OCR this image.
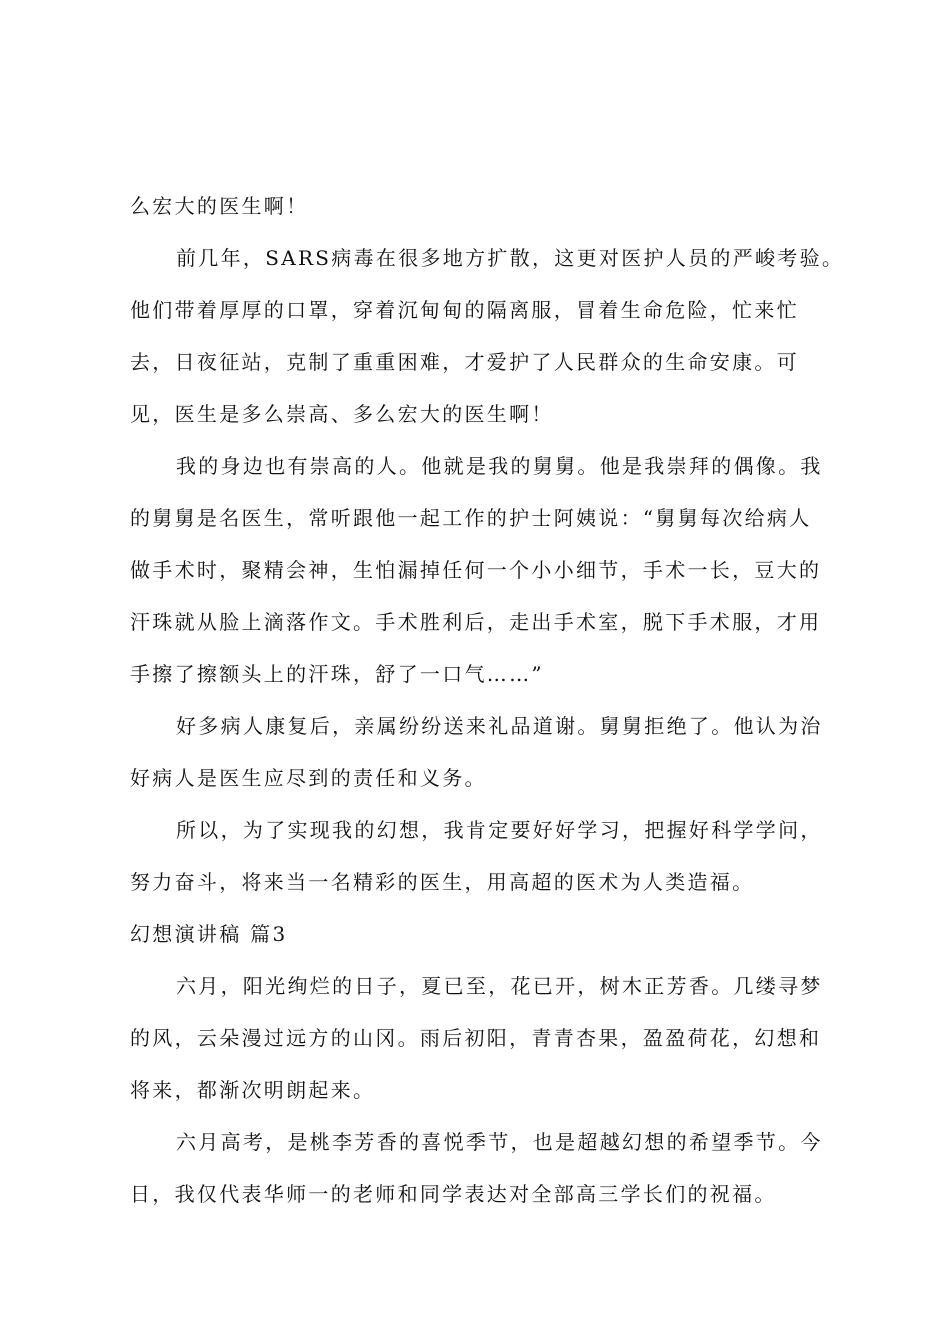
么宏大的医生啊！
前几年，SARS病毒在很多地方扩散，这更对医护人员的严峻考验。
他们带着厚厚的口罩，穿着沉甸甸的隔离服，冒着生命危险，忙来忙
去，日夜征站，克制了重重困难，才爱护了人民群众的生命安康。可
见，医生是多么崇高、多么宏大的医生啊！
我的身边也有崇高的人。他就是我的舅舅。他是我崇拜的偶像。我
的舅舅是名医生，常听跟他一起工作的护士阿姨说：“舅舅每次给病人
做手术时，聚精会神，生怕漏掉任何一个小小细节，手术一长，豆大的
汗珠就从脸上滴落作文。手术胜利后，走出手术室，脱下手术服，才用
手擦了擦额头上的汗珠，舒了一口气……”
好多病人康复后，亲属纷纷送来礼品道谢。舅舅拒绝了。他认为治
好病人是医生应尽到的责任和义务。
所以，为了实现我的幻想，我肯定要好好学习，把握好科学学问，
努力奋斗，将来当一名精彩的医生，用高超的医术为人类造福。
幻想演讲稿 篇3
六月，阳光绚烂的日子，夏已至，花已开，树木正芳香。几缕寻梦
的风，云朵漫过远方的山冈。雨后初阳，青青杏果，盈盈荷花，幻想和
将来，都渐次明朗起来。
六月高考，是桃李芳香的喜悦季节，也是超越幻想的希望季节。今
日，我仅代表华师一的老师和同学表达对全部高三学长们的祝福。
